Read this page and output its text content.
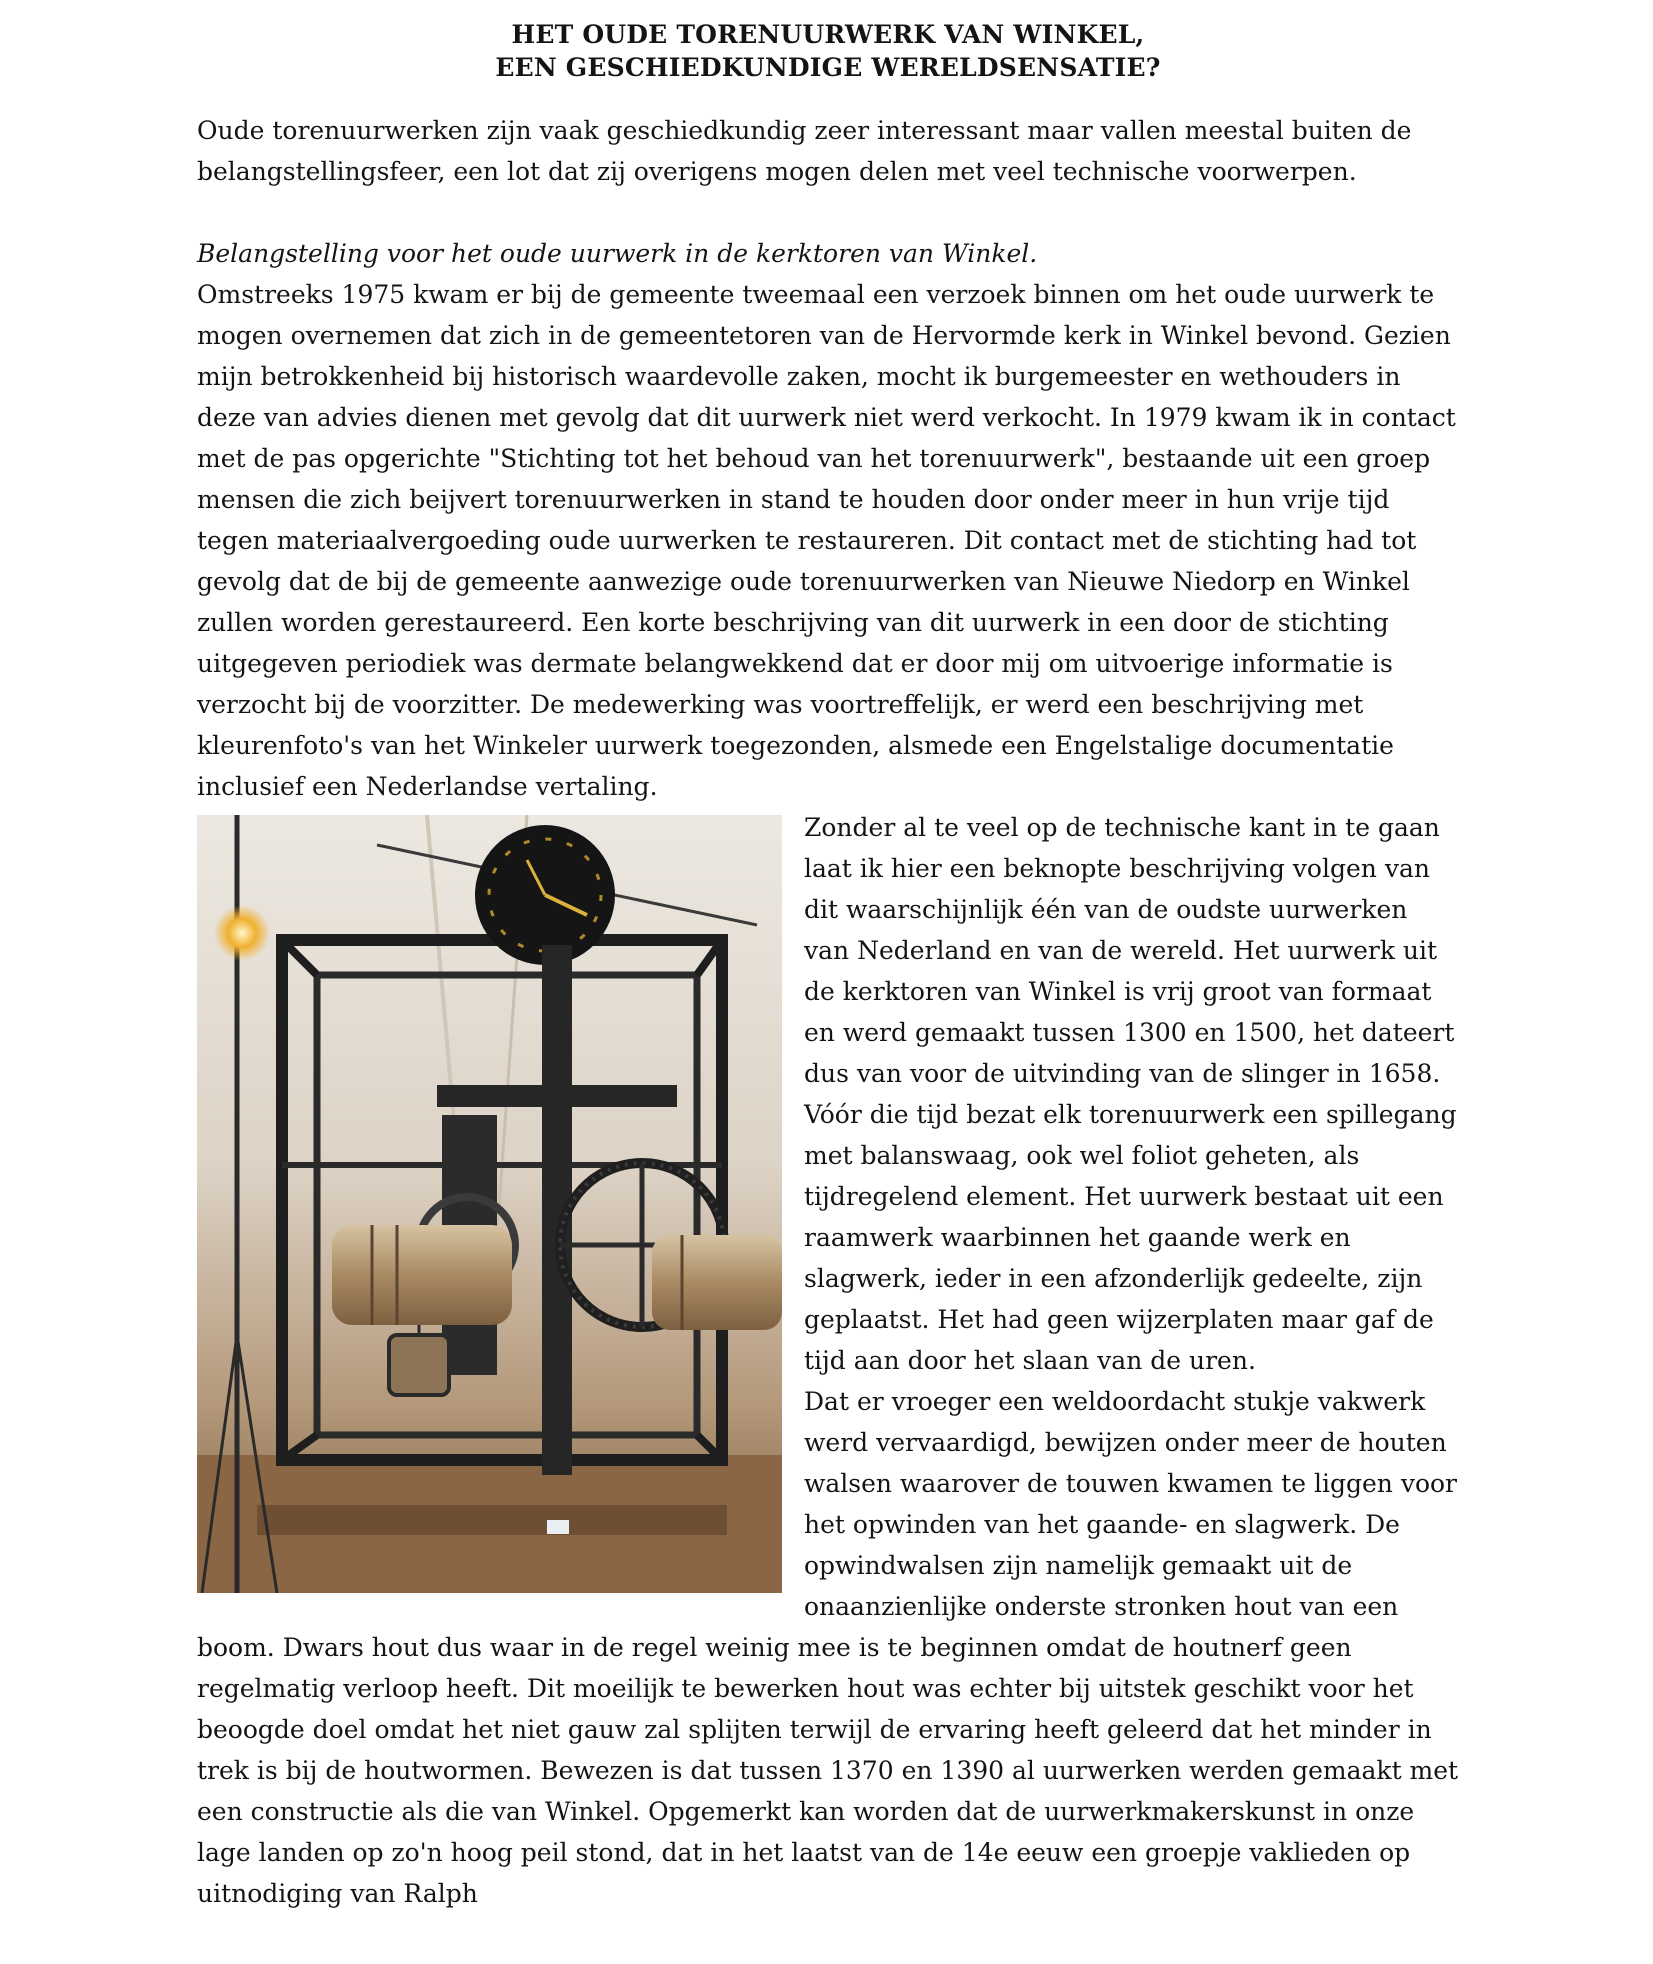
HET OUDE TORENUURWERK VAN WINKEL,
EEN GESCHIEDKUNDIGE WERELDSENSATIE?

Oude torenuurwerken zijn vaak geschiedkundig zeer interessant maar vallen meestal buiten de belangstellingsfeer, een lot dat zij overigens mogen delen met veel technische voorwerpen.

Belangstelling voor het oude uurwerk in de kerktoren van Winkel.

Omstreeks 1975 kwam er bij de gemeente tweemaal een verzoek binnen om het oude uurwerk te mogen overnemen dat zich in de gemeentetoren van de Hervormde kerk in Winkel bevond. Gezien mijn betrokkenheid bij historisch waardevolle zaken, mocht ik burgemeester en wethouders in deze van advies dienen met gevolg dat dit uurwerk niet werd verkocht. In 1979 kwam ik in contact met de pas opgerichte "Stichting tot het behoud van het torenuurwerk", bestaande uit een groep mensen die zich beijvert torenuurwerken in stand te houden door onder meer in hun vrije tijd tegen materiaalvergoeding oude uurwerken te restaureren. Dit contact met de stichting had tot gevolg dat de bij de gemeente aanwezige oude torenuurwerken van Nieuwe Niedorp en Winkel zullen worden gerestaureerd. Een korte beschrijving van dit uurwerk in een door de stichting uitgegeven periodiek was dermate belangwekkend dat er door mij om uitvoerige informatie is verzocht bij de voorzitter. De medewerking was voortreffelijk, er werd een beschrijving met kleurenfoto's van het Winkeler uurwerk toegezonden, alsmede een Engelstalige documentatie inclusief een Nederlandse vertaling.

Zonder al te veel op de technische kant in te gaan laat ik hier een beknopte beschrijving volgen van dit waarschijnlijk één van de oudste uurwerken van Nederland en van de wereld. Het uurwerk uit de kerktoren van Winkel is vrij groot van formaat en werd gemaakt tussen 1300 en 1500, het dateert dus van voor de uitvinding van de slinger in 1658. Vóór die tijd bezat elk torenuurwerk een spillegang met balanswaag, ook wel foliot geheten, als tijdregelend element. Het uurwerk bestaat uit een raamwerk waarbinnen het gaande werk en slagwerk, ieder in een afzonderlijk gedeelte, zijn geplaatst. Het had geen wijzerplaten maar gaf de tijd aan door het slaan van de uren.

Dat er vroeger een weldoordacht stukje vakwerk werd vervaardigd, bewijzen onder meer de houten walsen waarover de touwen kwamen te liggen voor het opwinden van het gaande- en slagwerk. De opwindwalsen zijn namelijk gemaakt uit de onaanzienlijke onderste stronken hout van een boom. Dwars hout dus waar in de regel weinig mee is te beginnen omdat de houtnerf geen regelmatig verloop heeft. Dit moeilijk te bewerken hout was echter bij uitstek geschikt voor het beoogde doel omdat het niet gauw zal splijten terwijl de ervaring heeft geleerd dat het minder in trek is bij de houtwormen. Bewezen is dat tussen 1370 en 1390 al uurwerken werden gemaakt met een constructie als die van Winkel. Opgemerkt kan worden dat de uurwerkmakerskunst in onze lage landen op zo'n hoog peil stond, dat in het laatst van de 14e eeuw een groepje vaklieden op uitnodiging van Ralph
